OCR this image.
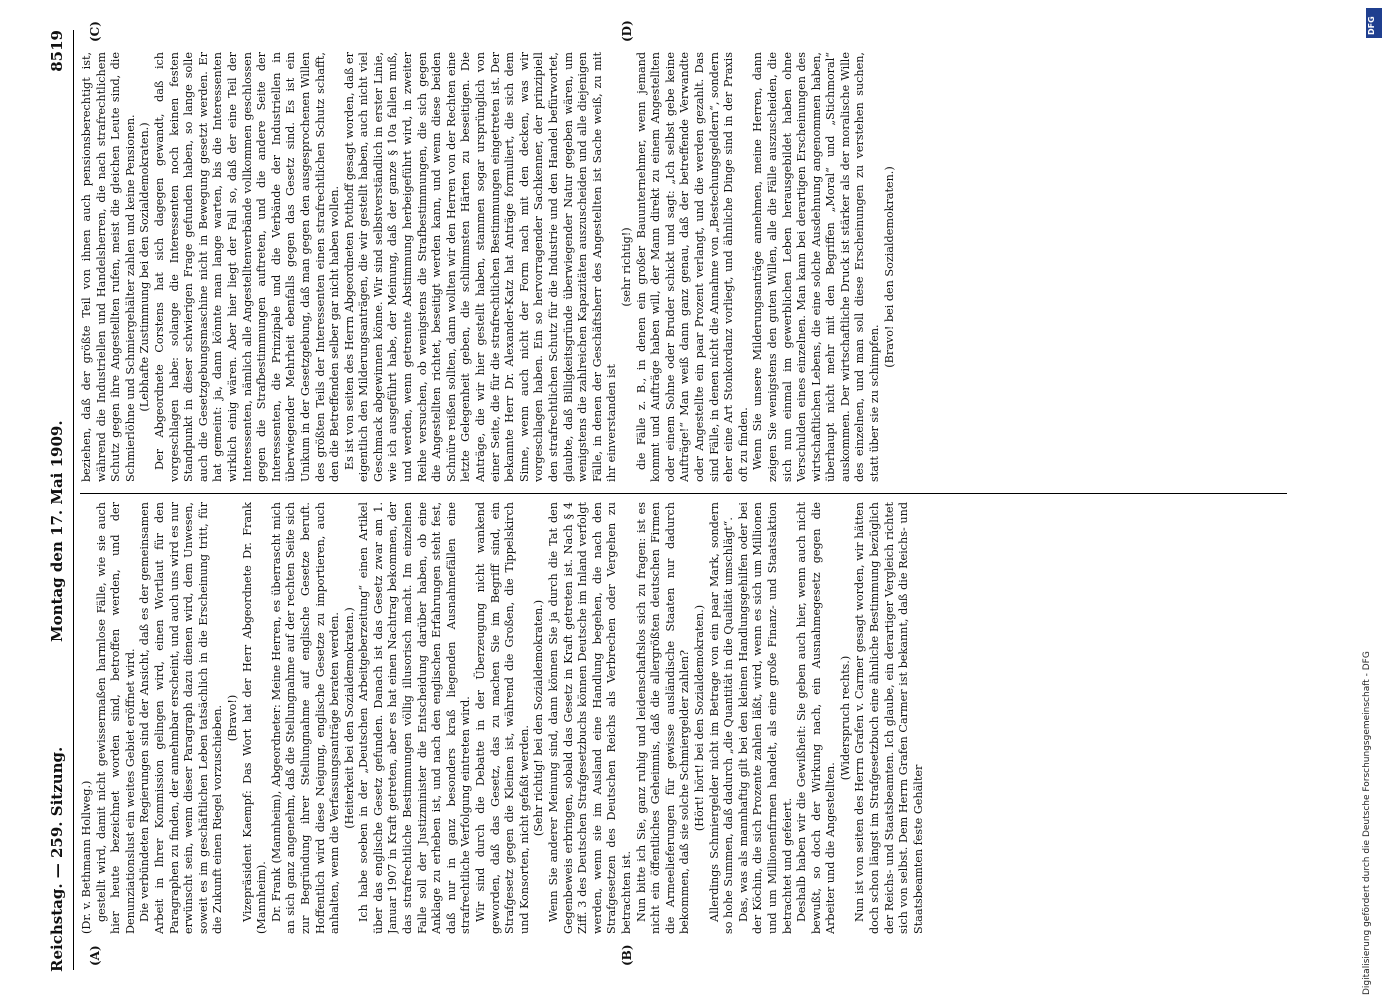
Reichstag. — 259. Sitzung.
Montag den 17. Mai 1909.
8519
(A)	(B)
(C)	(D)

(Dr. v. Bethmann Hollweg.) gestellt wird, damit nicht gewissermaßen harmlose Fälle, wie sie auch hier heute bezeichnet worden sind, betroffen werden, und der Denunziationslust ein weites Gebiet eröffnet wird. Die verbündeten Regierungen sind der Ansicht, daß es der gemeinsamen Arbeit in Ihrer Kommission gelingen wird, einen Wortlaut für den Paragraphen zu finden, der annehmbar erscheint, und auch uns wird es nur erwünscht sein, wenn dieser Paragraph dazu dienen wird, dem Unwesen, soweit es im geschäftlichen Leben tatsächlich in die Erscheinung tritt, für die Zukunft einen Riegel vorzuschieben. (Bravo!) Vizepräsident Kaempf: Das Wort hat der Herr Abgeordnete Dr. Frank (Mannheim). Dr. Frank (Mannheim), Abgeordneter: Meine Herren, es überrascht mich an sich ganz angenehm, daß die Stellungnahme auf der rechten Seite sich zur Begründung ihrer Stellungnahme auf englische Gesetze beruft. Hoffentlich wird diese Neigung, englische Gesetze zu importieren, auch anhalten, wenn die Verfassungsanträge beraten werden. (Heiterkeit bei den Sozialdemokraten.) Ich habe soeben in der „Deutschen Arbeitgeberzeitung“ einen Artikel über das englische Gesetz gefunden. Danach ist das Gesetz zwar am 1. Januar 1907 in Kraft getreten, aber es hat einen Nachtrag bekommen, der das strafrechtliche Bestimmungen völlig illusorisch macht. Im einzelnen Falle soll der Justizminister die Entscheidung darüber haben, ob eine Anklage zu erheben ist, und nach den englischen Erfahrungen steht fest, daß nur in ganz besonders kraß liegenden Ausnahmefällen eine strafrechtliche Verfolgung eintreten wird. Wir sind durch die Debatte in der Überzeugung nicht wankend geworden, daß das Gesetz, das zu machen Sie im Begriff sind, ein Strafgesetz gegen die Kleinen ist, während die Großen, die Tippelskirch und Konsorten, nicht gefaßt werden. (Sehr richtig! bei den Sozialdemokraten.) Wenn Sie anderer Meinung sind, dann können Sie ja durch die Tat den Gegenbeweis erbringen, sobald das Gesetz in Kraft getreten ist. Nach § 4 Ziff. 3 des Deutschen Strafgesetzbuchs können Deutsche im Inland verfolgt werden, wenn sie im Ausland eine Handlung begehen, die nach den Strafgesetzen des Deutschen Reichs als Verbrechen oder Vergehen zu betrachten ist. Nun bitte ich Sie, ganz ruhig und leidenschaftslos sich zu fragen: ist es nicht ein öffentliches Geheimnis, daß die allergrößten deutschen Firmen die Armeelieferungen für gewisse ausländische Staaten nur dadurch bekommen, daß sie solche Schmiergelder zahlen? (Hört! hört! bei den Sozialdemokraten.) Allerdings Schmiergelder nicht im Betrage von ein paar Mark, sondern so hohe Summen, daß dadurch „die Quantität in die Qualität umschlägt“. Das, was als mannhaftig gilt bei den kleinen Handlungsgehilfen oder bei der Köchin, die sich Prozente zahlen läßt, wird, wenn es sich um Millionen und um Millionenfirmen handelt, als eine große Finanz- und Staatsaktion betrachtet und gefeiert. Deshalb haben wir die Gewißheit: Sie geben auch hier, wenn auch nicht bewußt, so doch der Wirkung nach, ein Ausnahmegesetz gegen die Arbeiter und die Angestellten.

(Widerspruch rechts.) Nun ist von seiten des Herrn Grafen v. Carmer gesagt worden, wir hätten doch schon längst im Strafgesetzbuch eine ähnliche Bestimmung bezüglich der Reichs- und Staatsbeamten. Ich glaube, ein derartiger Vergleich richtet sich von selbst. Dem Herrn Grafen Carmer ist bekannt, daß die Reichs- und Staatsbeamten feste Gehälter

beziehen, daß der größte Teil von ihnen auch pensionsberechtigt ist, während die Industriellen und Handelsherren, die nach strafrechtlichem Schutz gegen ihre Angestellten rufen, meist die gleichen Leute sind, die Schmierlöhne und Schmiergehälter zahlen und keine Pensionen. (Lebhafte Zustimmung bei den Sozialdemokraten.) Der Abgeordnete Corstens hat sich dagegen gewandt, daß ich vorgeschlagen habe: solange die Interessenten noch keinen festen Standpunkt in dieser schwierigen Frage gefunden haben, so lange solle auch die Gesetzgebungsmaschine nicht in Bewegung gesetzt werden. Er hat gemeint: ja, dann könnte man lange warten, bis die Interessenten wirklich einig wären. Aber hier liegt der Fall so, daß der eine Teil der Interessenten, nämlich alle Angestelltenverbände vollkommen geschlossen gegen die Strafbestimmungen auftreten, und die andere Seite der Interessenten, die Prinzipale und die Verbände der Industriellen in überwiegender Mehrheit ebenfalls gegen das Gesetz sind. Es ist ein Unikum in der Gesetzgebung, daß man gegen den ausgesprochenen Willen des größten Teils der Interessenten einen strafrechtlichen Schutz schafft, den die Betreffenden selber gar nicht haben wollen. Es ist von seiten des Herrn Abgeordneten Potthoff gesagt worden, daß er eigentlich den Milderungsanträgen, die wir gestellt haben, auch nicht viel Geschmack abgewinnen könne. Wir sind selbstverständlich in erster Linie, wie ich ausgeführt habe, der Meinung, daß der ganze § 10a fallen muß, und werden, wenn getrennte Abstimmung herbeigeführt wird, in zweiter Reihe versuchen, ob wenigstens die Strafbestimmungen, die sich gegen die Angestellten richtet, beseitigt werden kann, und wenn diese beiden Schnüre reißen sollten, dann wollten wir den Herren von der Rechten eine letzte Gelegenheit geben, die schlimmsten Härten zu beseitigen. Die Anträge, die wir hier gestellt haben, stammen sogar ursprünglich von einer Seite, die für die strafrechtlichen Bestimmungen eingetreten ist. Der bekannte Herr Dr. Alexander-Katz hat Anträge formuliert, die sich dem Sinne, wenn auch nicht der Form nach mit den decken, was wir vorgeschlagen haben. Ein so hervorragender Sachkenner, der prinzipiell den strafrechtlichen Schutz für die Industrie und den Handel befürwortet, glaubte, daß Billigkeitsgründe überwiegender Natur gegeben wären, um wenigstens die zahlreichen Kapazitäten auszuscheiden und alle diejenigen Fälle, in denen der Geschäftsherr des Angestellten ist Sache weiß, zu mit ihr einverstanden ist

(sehr richtig!) die Fälle z. B., in denen ein großer Bauunternehmer, wenn jemand kommt und Aufträge haben will, der Mann direkt zu einem Angestellten oder einem Sohne oder Bruder schickt und sagt: „Ich selbst gebe keine Aufträge!“ Man weiß dann ganz genau, daß der betreffende Verwandte oder Angestellte ein paar Prozent verlangt, und die werden gezahlt. Das sind Fälle, in denen nicht die Annahme von „Bestechungsgeldern“, sondern eher eine Art Stonkordanz vorliegt, und ähnliche Dinge sind in der Praxis oft zu finden. Wenn Sie unsere Milderungsanträge annehmen, meine Herren, dann zeigen Sie wenigstens den guten Willen, alle die Fälle auszuscheiden, die sich nun einmal im gewerblichen Leben herausgebildet haben ohne Verschulden eines einzelnen. Man kann bei derartigen Erscheinungen des wirtschaftlichen Lebens, die eine solche Ausdehnung angenommen haben, überhaupt nicht mehr mit den Begriffen „Moral“ und „Stichmoral“ auskommen. Der wirtschaftliche Druck ist stärker als der moralische Wille des einzelnen, und man soll diese Erscheinungen zu verstehen suchen, statt über sie zu schimpfen.

(Bravo! bei den Sozialdemokraten.)

DFG
Digitalisierung gefördert durch die Deutsche Forschungsgemeinschaft - DFG
